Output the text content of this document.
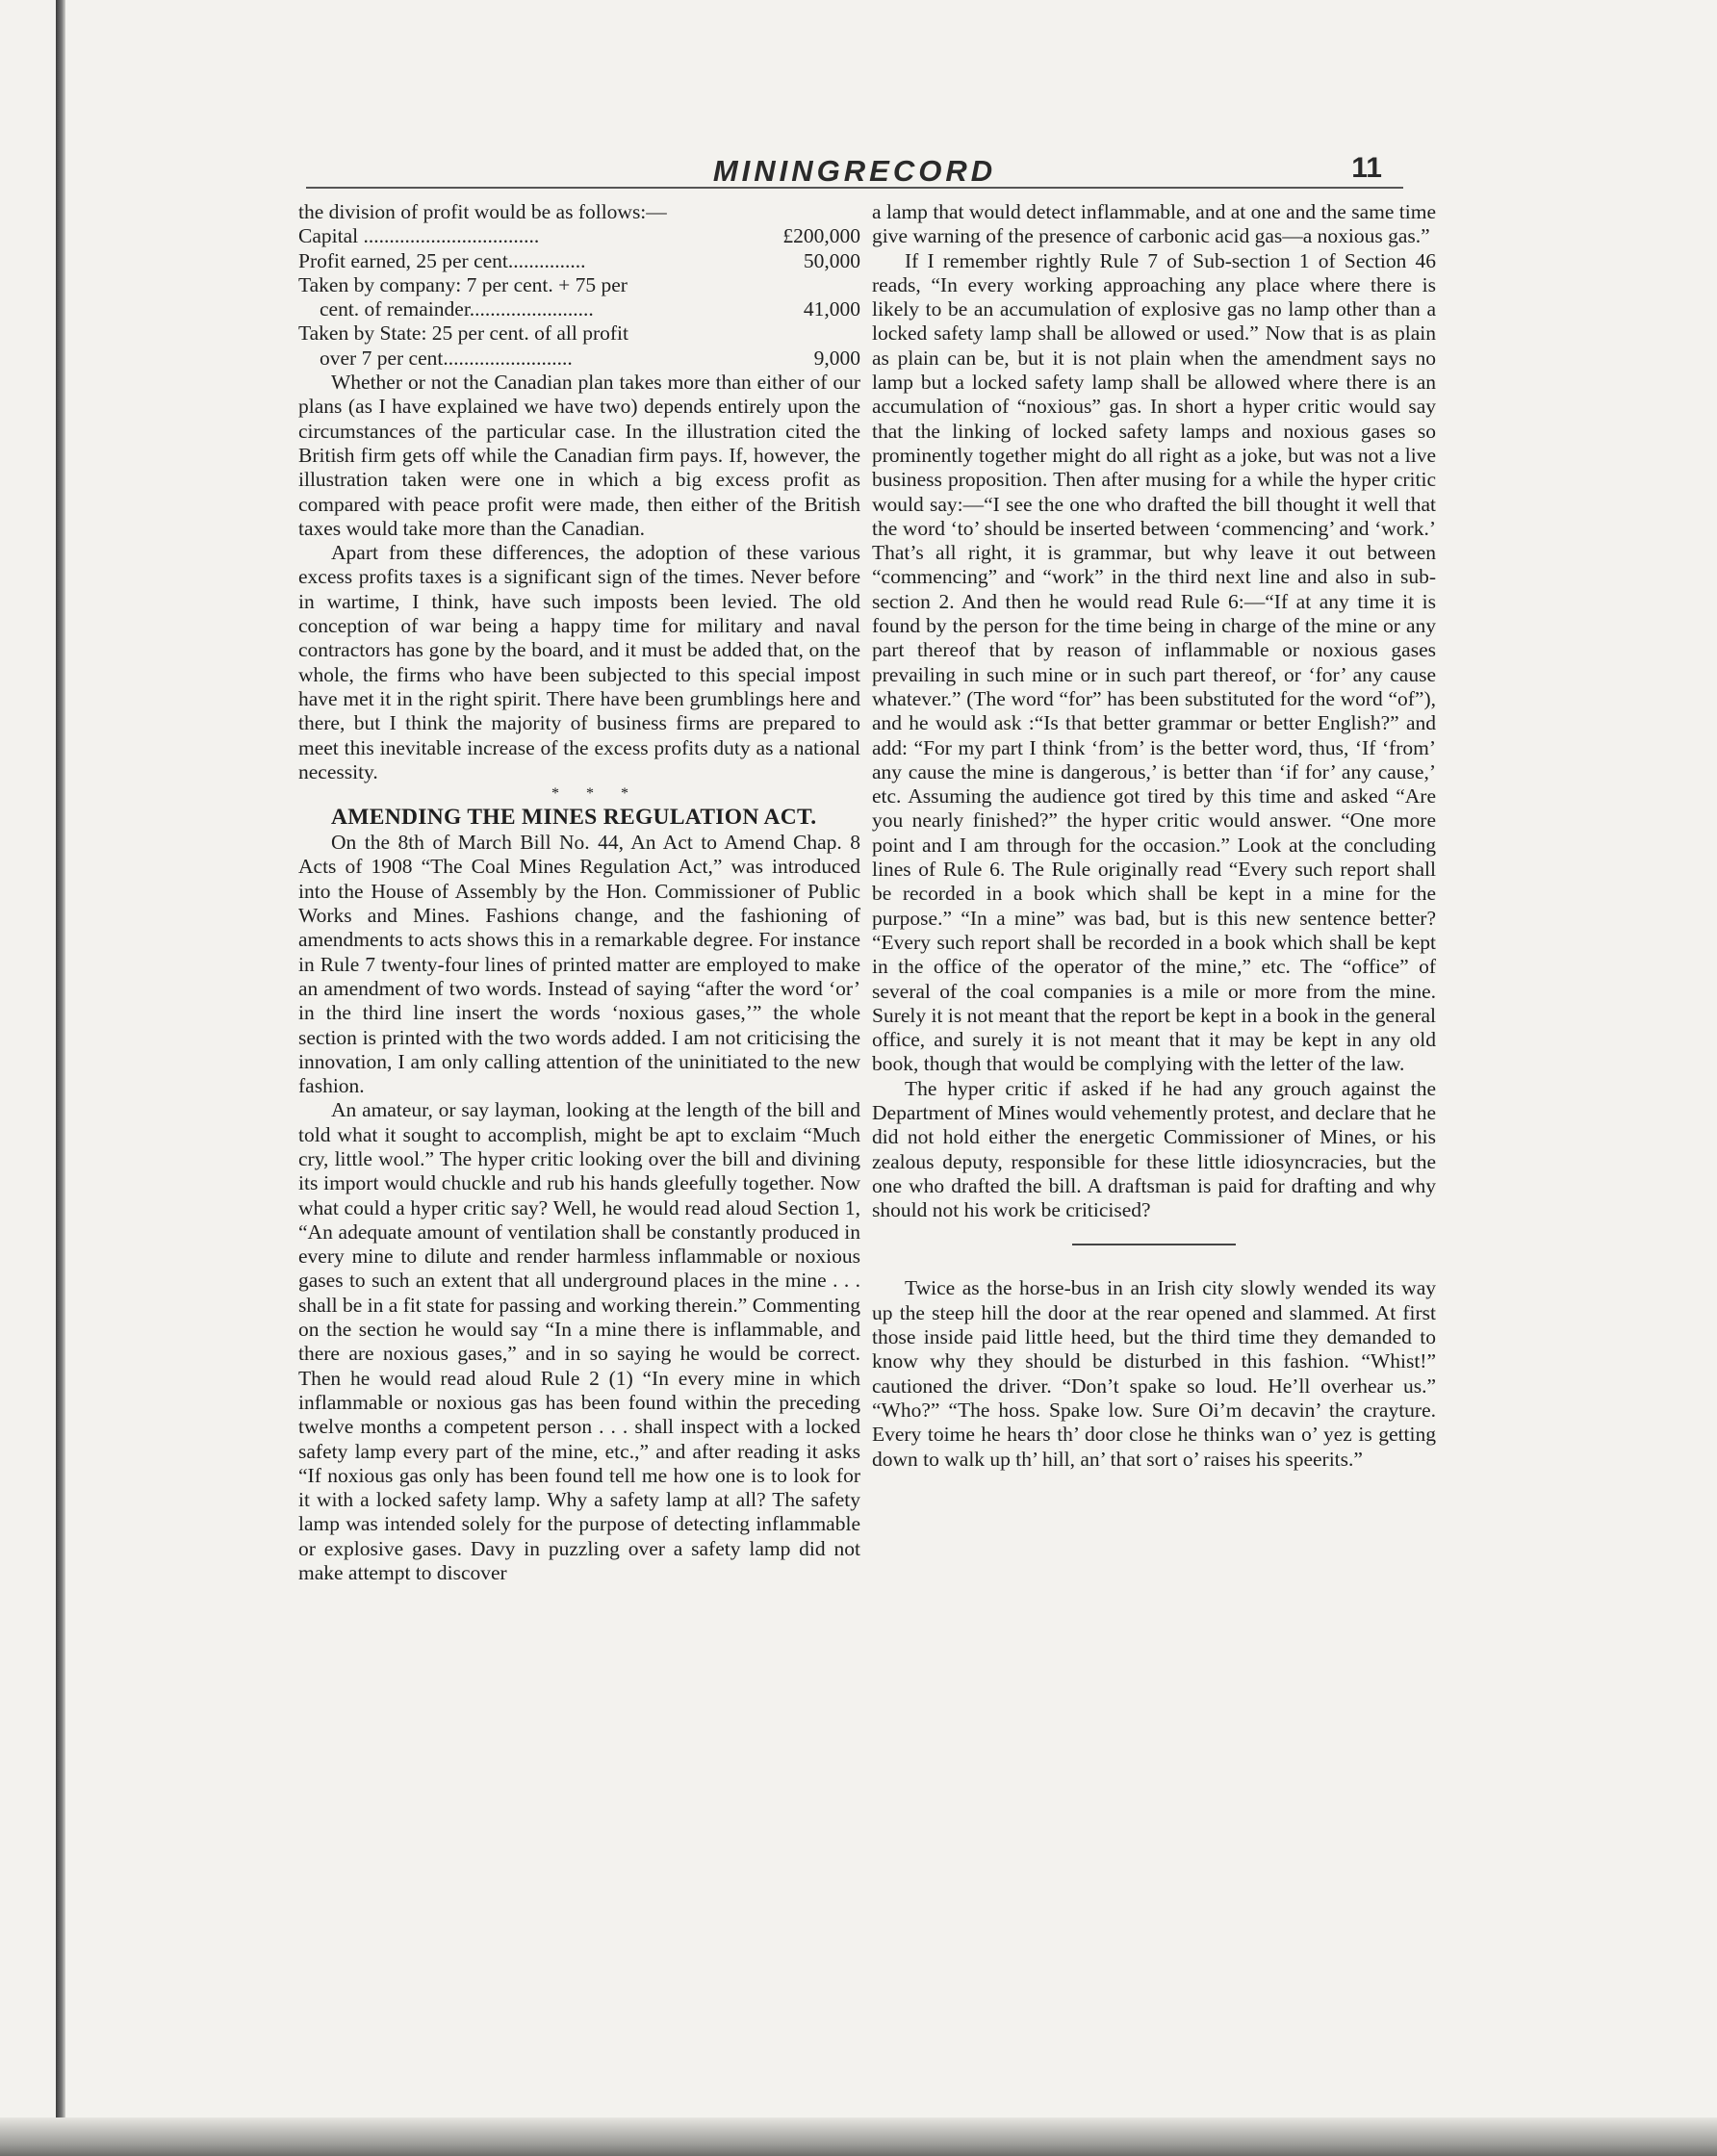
MININGRECORD	11

the division of profit would be as follows:—

Capital ..................................	£200,000
Profit earned, 25 per cent...............	50,000
Taken by company: 7 per cent. + 75 per
cent. of remainder........................	41,000
Taken by State: 25 per cent. of all profit
over 7 per cent.........................	9,000

Whether or not the Canadian plan takes more than either of our plans (as I have explained we have two) depends entirely upon the circumstances of the particular case. In the illustration cited the British firm gets off while the Canadian firm pays. If, however, the illustration taken were one in which a big excess profit as compared with peace profit were made, then either of the British taxes would take more than the Canadian.

Apart from these differences, the adoption of these various excess profits taxes is a significant sign of the times. Never before in wartime, I think, have such imposts been levied. The old conception of war being a happy time for military and naval contractors has gone by the board, and it must be added that, on the whole, the firms who have been subjected to this special impost have met it in the right spirit. There have been grumblings here and there, but I think the majority of business firms are prepared to meet this inevitable increase of the excess profits duty as a national necessity.

* * *

AMENDING THE MINES REGULATION ACT.

On the 8th of March Bill No. 44, An Act to Amend Chap. 8 Acts of 1908 “The Coal Mines Regulation Act,” was introduced into the House of Assembly by the Hon. Commissioner of Public Works and Mines. Fashions change, and the fashioning of amendments to acts shows this in a remarkable degree. For instance in Rule 7 twenty-four lines of printed matter are employed to make an amendment of two words. Instead of saying “after the word ‘or’ in the third line insert the words ‘noxious gases,’” the whole section is printed with the two words added. I am not criticising the innovation, I am only calling attention of the uninitiated to the new fashion.

An amateur, or say layman, looking at the length of the bill and told what it sought to accomplish, might be apt to exclaim “Much cry, little wool.” The hyper critic looking over the bill and divining its import would chuckle and rub his hands gleefully together. Now what could a hyper critic say? Well, he would read aloud Section 1, “An adequate amount of ventilation shall be constantly produced in every mine to dilute and render harmless inflammable or noxious gases to such an extent that all underground places in the mine . . . shall be in a fit state for passing and working therein.” Commenting on the section he would say “In a mine there is inflammable, and there are noxious gases,” and in so saying he would be correct. Then he would read aloud Rule 2 (1) “In every mine in which inflammable or noxious gas has been found within the preceding twelve months a competent person . . . shall inspect with a locked safety lamp every part of the mine, etc.,” and after reading it asks “If noxious gas only has been found tell me how one is to look for it with a locked safety lamp. Why a safety lamp at all? The safety lamp was intended solely for the purpose of detecting inflammable or explosive gases. Davy in puzzling over a safety lamp did not make attempt to discover

a lamp that would detect inflammable, and at one and the same time give warning of the presence of carbonic acid gas—a noxious gas.”

If I remember rightly Rule 7 of Sub-section 1 of Section 46 reads, “In every working approaching any place where there is likely to be an accumulation of explosive gas no lamp other than a locked safety lamp shall be allowed or used.” Now that is as plain as plain can be, but it is not plain when the amendment says no lamp but a locked safety lamp shall be allowed where there is an accumulation of “noxious” gas. In short a hyper critic would say that the linking of locked safety lamps and noxious gases so prominently together might do all right as a joke, but was not a live business proposition. Then after musing for a while the hyper critic would say:—“I see the one who drafted the bill thought it well that the word ‘to’ should be inserted between ‘commencing’ and ‘work.’ That’s all right, it is grammar, but why leave it out between “commencing” and “work” in the third next line and also in sub-section 2. And then he would read Rule 6:—“If at any time it is found by the person for the time being in charge of the mine or any part thereof that by reason of inflammable or noxious gases prevailing in such mine or in such part thereof, or ‘for’ any cause whatever.” (The word “for” has been substituted for the word “of”), and he would ask :“Is that better grammar or better English?” and add: “For my part I think ‘from’ is the better word, thus, ‘If ‘from’ any cause the mine is dangerous,’ is better than ‘if for’ any cause,’ etc. Assuming the audience got tired by this time and asked “Are you nearly finished?” the hyper critic would answer. “One more point and I am through for the occasion.” Look at the concluding lines of Rule 6. The Rule originally read “Every such report shall be recorded in a book which shall be kept in a mine for the purpose.” “In a mine” was bad, but is this new sentence better? “Every such report shall be recorded in a book which shall be kept in the office of the operator of the mine,” etc. The “office” of several of the coal companies is a mile or more from the mine. Surely it is not meant that the report be kept in a book in the general office, and surely it is not meant that it may be kept in any old book, though that would be complying with the letter of the law.

The hyper critic if asked if he had any grouch against the Department of Mines would vehemently protest, and declare that he did not hold either the energetic Commissioner of Mines, or his zealous deputy, responsible for these little idiosyncracies, but the one who drafted the bill. A draftsman is paid for drafting and why should not his work be criticised?

Twice as the horse-bus in an Irish city slowly wended its way up the steep hill the door at the rear opened and slammed. At first those inside paid little heed, but the third time they demanded to know why they should be disturbed in this fashion. “Whist!” cautioned the driver. “Don’t spake so loud. He’ll overhear us.” “Who?” “The hoss. Spake low. Sure Oi’m decavin’ the crayture. Every toime he hears th’ door close he thinks wan o’ yez is getting down to walk up th’ hill, an’ that sort o’ raises his speerits.”
